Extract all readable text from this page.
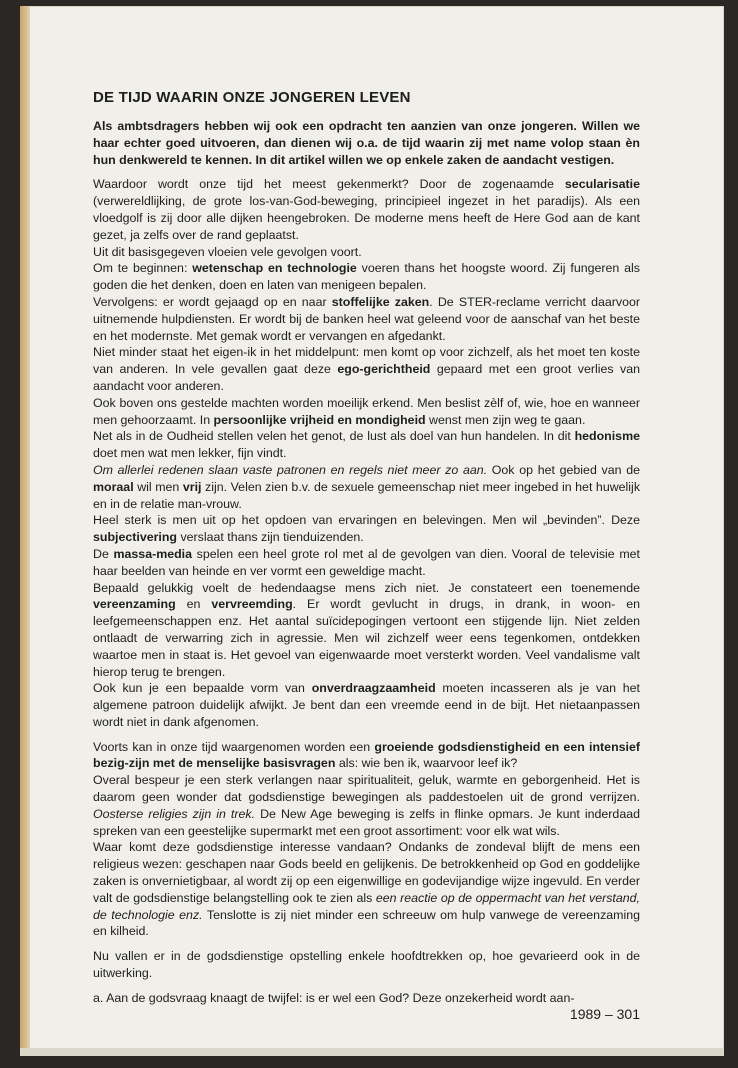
DE TIJD WAARIN ONZE JONGEREN LEVEN

Als ambtsdragers hebben wij ook een opdracht ten aanzien van onze jongeren. Willen we haar echter goed uitvoeren, dan dienen wij o.a. de tijd waarin zij met name volop staan èn hun denkwereld te kennen. In dit artikel willen we op enkele zaken de aandacht vestigen.

Waardoor wordt onze tijd het meest gekenmerkt? Door de zogenaamde secularisatie (verwereldlijking, de grote los-van-God-beweging, principieel ingezet in het paradijs). Als een vloedgolf is zij door alle dijken heengebroken. De moderne mens heeft de Here God aan de kant gezet, ja zelfs over de rand geplaatst.

Uit dit basisgegeven vloeien vele gevolgen voort.

Om te beginnen: wetenschap en technologie voeren thans het hoogste woord. Zij fungeren als goden die het denken, doen en laten van menigeen bepalen.

Vervolgens: er wordt gejaagd op en naar stoffelijke zaken. De STER-reclame verricht daarvoor uitnemende hulpdiensten. Er wordt bij de banken heel wat geleend voor de aanschaf van het beste en het modernste. Met gemak wordt er vervangen en afgedankt.

Niet minder staat het eigen-ik in het middelpunt: men komt op voor zichzelf, als het moet ten koste van anderen. In vele gevallen gaat deze ego-gerichtheid gepaard met een groot verlies van aandacht voor anderen.

Ook boven ons gestelde machten worden moeilijk erkend. Men beslist zèlf of, wie, hoe en wanneer men gehoorzaamt. In persoonlijke vrijheid en mondigheid wenst men zijn weg te gaan.

Net als in de Oudheid stellen velen het genot, de lust als doel van hun handelen. In dit hedonisme doet men wat men lekker, fijn vindt.

Om allerlei redenen slaan vaste patronen en regels niet meer zo aan. Ook op het gebied van de moraal wil men vrij zijn. Velen zien b.v. de sexuele gemeenschap niet meer ingebed in het huwelijk en in de relatie man-vrouw.

Heel sterk is men uit op het opdoen van ervaringen en belevingen. Men wil „bevinden”. Deze subjectivering verslaat thans zijn tienduizenden.

De massa-media spelen een heel grote rol met al de gevolgen van dien. Vooral de televisie met haar beelden van heinde en ver vormt een geweldige macht.

Bepaald gelukkig voelt de hedendaagse mens zich niet. Je constateert een toenemende vereenzaming en vervreemding. Er wordt gevlucht in drugs, in drank, in woon- en leefgemeenschappen enz. Het aantal suïcidepogingen vertoont een stijgende lijn. Niet zelden ontlaadt de verwarring zich in agressie. Men wil zichzelf weer eens tegenkomen, ontdekken waartoe men in staat is. Het gevoel van eigenwaarde moet versterkt worden. Veel vandalisme valt hierop terug te brengen.

Ook kun je een bepaalde vorm van onverdraagzaamheid moeten incasseren als je van het algemene patroon duidelijk afwijkt. Je bent dan een vreemde eend in de bijt. Het nietaanpassen wordt niet in dank afgenomen.

Voorts kan in onze tijd waargenomen worden een groeiende godsdienstigheid en een intensief bezig-zijn met de menselijke basisvragen als: wie ben ik, waarvoor leef ik?

Overal bespeur je een sterk verlangen naar spiritualiteit, geluk, warmte en geborgenheid. Het is daarom geen wonder dat godsdienstige bewegingen als paddestoelen uit de grond verrijzen. Oosterse religies zijn in trek. De New Age beweging is zelfs in flinke opmars. Je kunt inderdaad spreken van een geestelijke supermarkt met een groot assortiment: voor elk wat wils.

Waar komt deze godsdienstige interesse vandaan? Ondanks de zondeval blijft de mens een religieus wezen: geschapen naar Gods beeld en gelijkenis. De betrokkenheid op God en goddelijke zaken is onvernietigbaar, al wordt zij op een eigenwillige en godevijandige wijze ingevuld. En verder valt de godsdienstige belangstelling ook te zien als een reactie op de oppermacht van het verstand, de technologie enz. Tenslotte is zij niet minder een schreeuw om hulp vanwege de vereenzaming en kilheid.

Nu vallen er in de godsdienstige opstelling enkele hoofdtrekken op, hoe gevarieerd ook in de uitwerking.

a. Aan de godsvraag knaagt de twijfel: is er wel een God? Deze onzekerheid wordt aan-

1989 – 301
